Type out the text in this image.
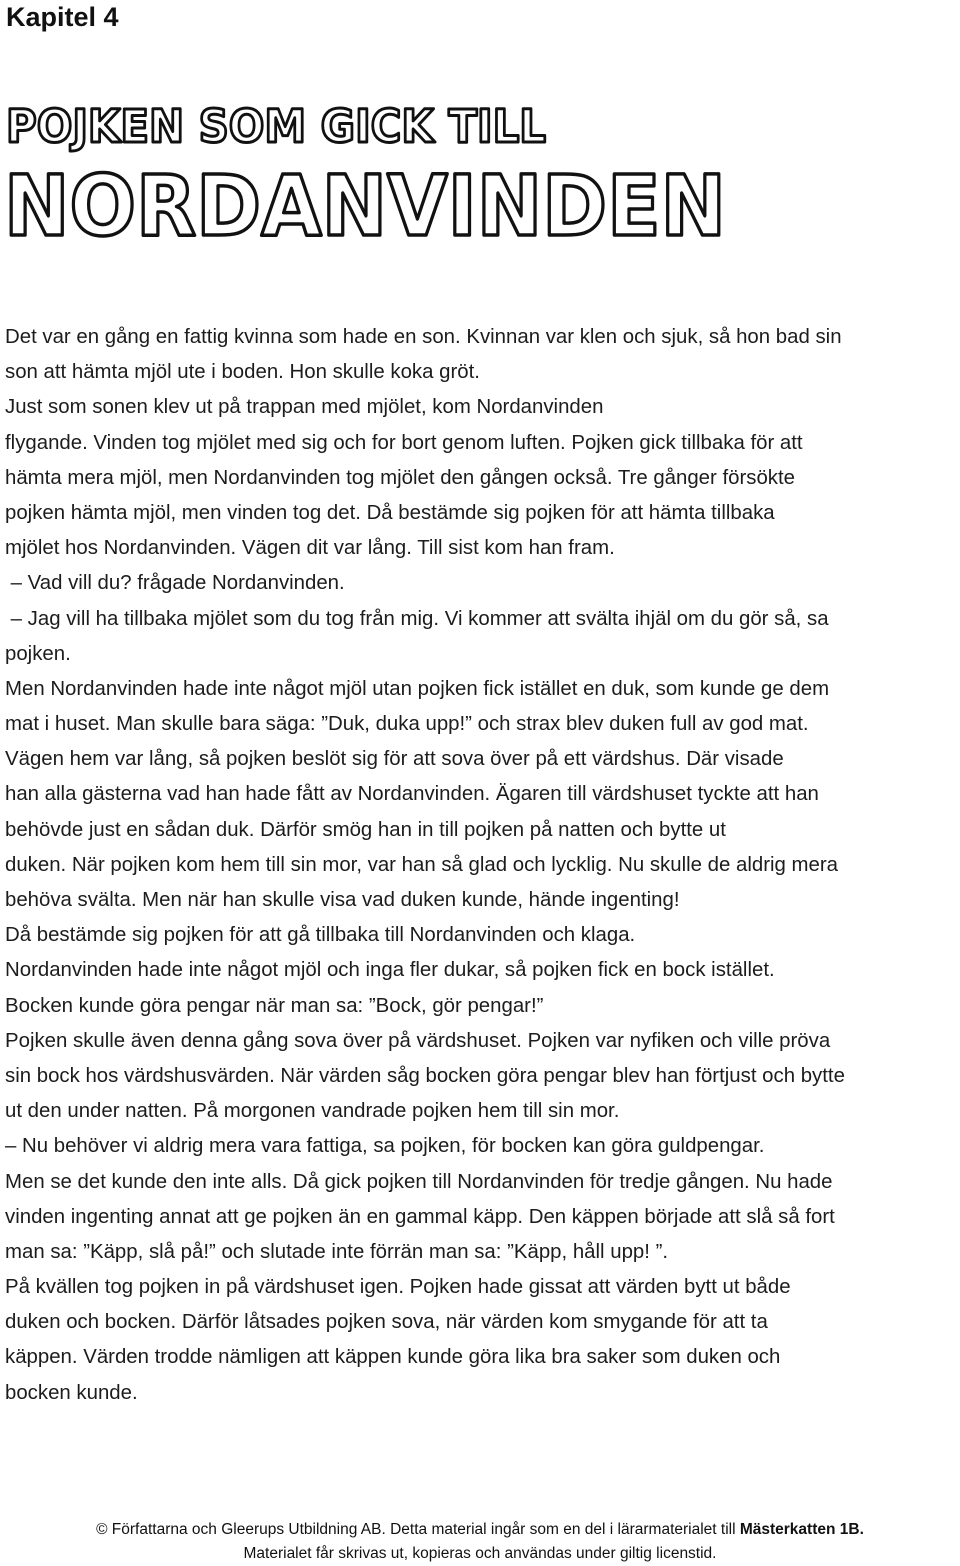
Kapitel 4
POJKEN SOM GICK TILL
NORDANVINDEN
Det var en gång en fattig kvinna som hade en son. Kvinnan var klen och sjuk, så hon bad sin
son att hämta mjöl ute i boden. Hon skulle koka gröt.
Just som sonen klev ut på trappan med mjölet, kom Nordanvinden
flygande. Vinden tog mjölet med sig och for bort genom luften. Pojken gick tillbaka för att
hämta mera mjöl, men Nordanvinden tog mjölet den gången också. Tre gånger försökte
pojken hämta mjöl, men vinden tog det. Då bestämde sig pojken för att hämta tillbaka
mjölet hos Nordanvinden. Vägen dit var lång. Till sist kom han fram.
– Vad vill du? frågade Nordanvinden.
– Jag vill ha tillbaka mjölet som du tog från mig. Vi kommer att svälta ihjäl om du gör så, sa
pojken.
Men Nordanvinden hade inte något mjöl utan pojken fick istället en duk, som kunde ge dem
mat i huset. Man skulle bara säga: ”Duk, duka upp!” och strax blev duken full av god mat.
Vägen hem var lång, så pojken beslöt sig för att sova över på ett värdshus. Där visade
han alla gästerna vad han hade fått av Nordanvinden. Ägaren till värdshuset tyckte att han
behövde just en sådan duk. Därför smög han in till pojken på natten och bytte ut
duken. När pojken kom hem till sin mor, var han så glad och lycklig. Nu skulle de aldrig mera
behöva svälta. Men när han skulle visa vad duken kunde, hände ingenting!
Då bestämde sig pojken för att gå tillbaka till Nordanvinden och klaga.
Nordanvinden hade inte något mjöl och inga fler dukar, så pojken fick en bock istället.
Bocken kunde göra pengar när man sa: ”Bock, gör pengar!”
Pojken skulle även denna gång sova över på värdshuset. Pojken var nyfiken och ville pröva
sin bock hos värdshusvärden. När värden såg bocken göra pengar blev han förtjust och bytte
ut den under natten. På morgonen vandrade pojken hem till sin mor.
– Nu behöver vi aldrig mera vara fattiga, sa pojken, för bocken kan göra guldpengar.
Men se det kunde den inte alls. Då gick pojken till Nordanvinden för tredje gången. Nu hade
vinden ingenting annat att ge pojken än en gammal käpp. Den käppen började att slå så fort
man sa: ”Käpp, slå på!” och slutade inte förrän man sa: ”Käpp, håll upp! ”.
På kvällen tog pojken in på värdshuset igen. Pojken hade gissat att värden bytt ut både
duken och bocken. Därför låtsades pojken sova, när värden kom smygande för att ta
käppen. Värden trodde nämligen att käppen kunde göra lika bra saker som duken och
bocken kunde.
© Författarna och Gleerups Utbildning AB. Detta material ingår som en del i lärarmaterialet till Mästerkatten 1B.
Materialet får skrivas ut, kopieras och användas under giltig licenstid.
